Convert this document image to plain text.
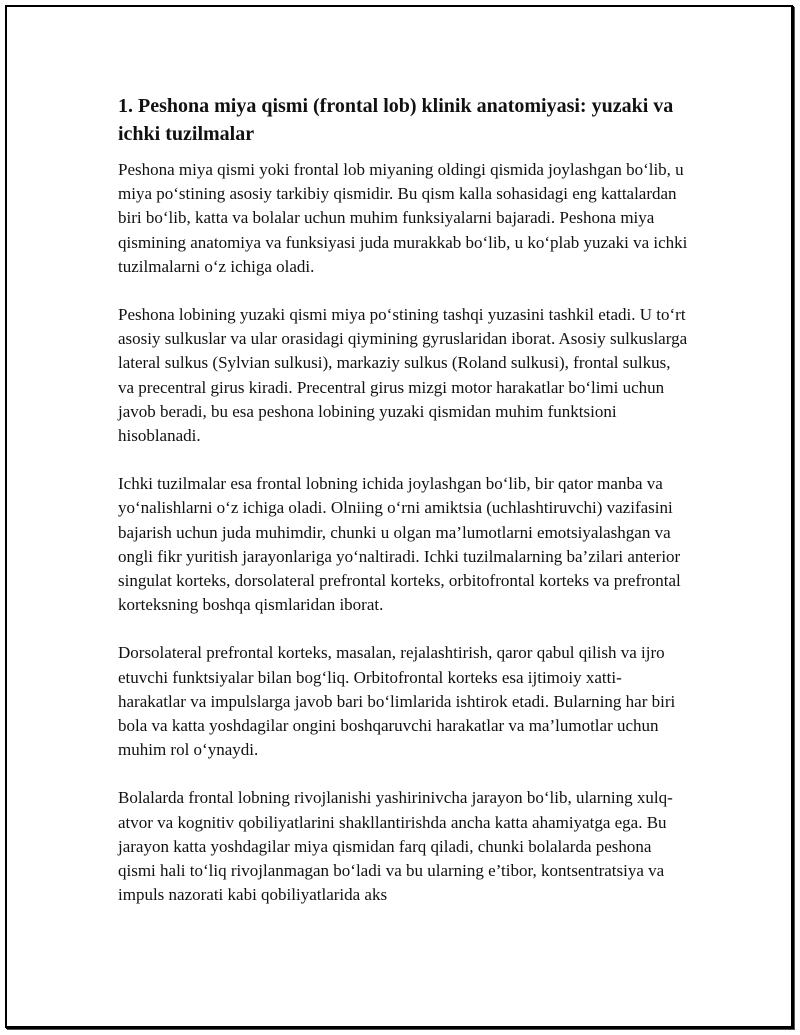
1. Peshona miya qismi (frontal lob) klinik anatomiyasi: yuzaki va ichki tuzilmalar

Peshona miya qismi yoki frontal lob miyaning oldingi qismida joylashgan bo‘lib, u miya po‘stining asosiy tarkibiy qismidir. Bu qism kalla sohasidagi eng kattalardan biri bo‘lib, katta va bolalar uchun muhim funksiyalarni bajaradi. Peshona miya qismining anatomiya va funksiyasi juda murakkab bo‘lib, u ko‘plab yuzaki va ichki tuzilmalarni o‘z ichiga oladi.

Peshona lobining yuzaki qismi miya po‘stining tashqi yuzasini tashkil etadi. U to‘rt asosiy sulkuslar va ular orasidagi qiymining gyruslaridan iborat. Asosiy sulkuslarga lateral sulkus (Sylvian sulkusi), markaziy sulkus (Roland sulkusi), frontal sulkus, va precentral girus kiradi. Precentral girus mizgi motor harakatlar bo‘limi uchun javob beradi, bu esa peshona lobining yuzaki qismidan muhim funktsioni hisoblanadi.

Ichki tuzilmalar esa frontal lobning ichida joylashgan bo‘lib, bir qator manba va yo‘nalishlarni o‘z ichiga oladi. Olniing o‘rni amiktsia (uchlashtiruvchi) vazifasini bajarish uchun juda muhimdir, chunki u olgan ma’lumotlarni emotsiyalashgan va ongli fikr yuritish jarayonlariga yo‘naltiradi. Ichki tuzilmalarning ba’zilari anterior singulat korteks, dorsolateral prefrontal korteks, orbitofrontal korteks va prefrontal korteksning boshqa qismlaridan iborat.

Dorsolateral prefrontal korteks, masalan, rejalashtirish, qaror qabul qilish va ijro etuvchi funktsiyalar bilan bog‘liq. Orbitofrontal korteks esa ijtimoiy xatti-harakatlar va impulslarga javob bari bo‘limlarida ishtirok etadi. Bularning har biri bola va katta yoshdagilar ongini boshqaruvchi harakatlar va ma’lumotlar uchun muhim rol o‘ynaydi.

Bolalarda frontal lobning rivojlanishi yashirinivcha jarayon bo‘lib, ularning xulq-atvor va kognitiv qobiliyatlarini shakllantirishda ancha katta ahamiyatga ega. Bu jarayon katta yoshdagilar miya qismidan farq qiladi, chunki bolalarda peshona qismi hali to‘liq rivojlanmagan bo‘ladi va bu ularning e’tibor, kontsentratsiya va impuls nazorati kabi qobiliyatlarida aks
